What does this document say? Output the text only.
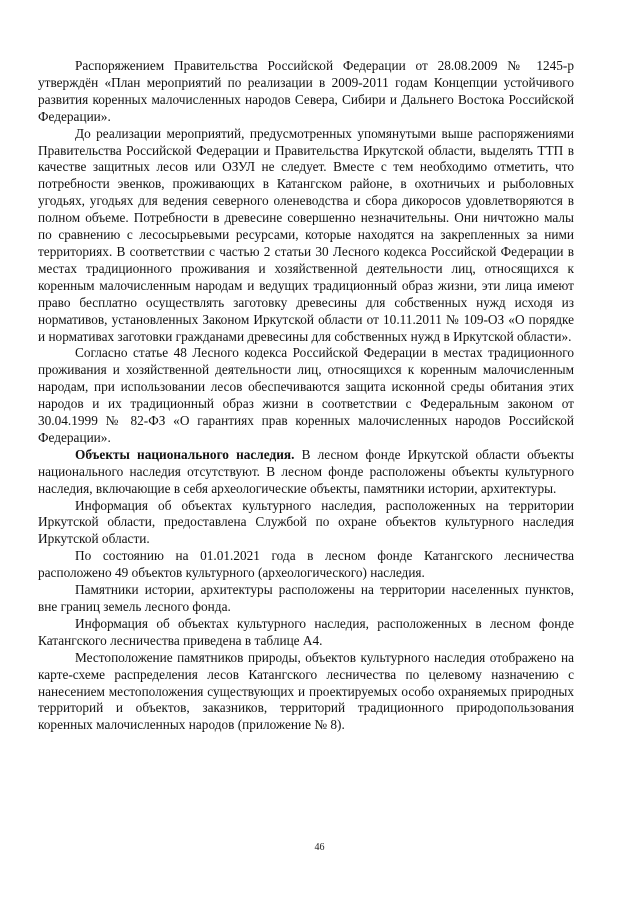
Распоряжением Правительства Российской Федерации от 28.08.2009 № 1245-р утверждён «План мероприятий по реализации в 2009-2011 годам Концепции устойчивого развития коренных малочисленных народов Севера, Сибири и Дальнего Востока Российской Федерации».

До реализации мероприятий, предусмотренных упомянутыми выше распоряжениями Правительства Российской Федерации и Правительства Иркутской области, выделять ТТП в качестве защитных лесов или ОЗУЛ не следует. Вместе с тем необходимо отметить, что потребности эвенков, проживающих в Катангском районе, в охотничьих и рыболовных угодьях, угодьях для ведения северного оленеводства и сбора дикоросов удовлетворяются в полном объеме. Потребности в древесине совершенно незначительны. Они ничтожно малы по сравнению с лесосырьевыми ресурсами, которые находятся на закрепленных за ними территориях. В соответствии с частью 2 статьи 30 Лесного кодекса Российской Федерации в местах традиционного проживания и хозяйственной деятельности лиц, относящихся к коренным малочисленным народам и ведущих традиционный образ жизни, эти лица имеют право бесплатно осуществлять заготовку древесины для собственных нужд исходя из нормативов, установленных Законом Иркутской области от 10.11.2011 № 109-ОЗ «О порядке и нормативах заготовки гражданами древесины для собственных нужд в Иркутской области».

Согласно статье 48 Лесного кодекса Российской Федерации в местах традиционного проживания и хозяйственной деятельности лиц, относящихся к коренным малочисленным народам, при использовании лесов обеспечиваются защита исконной среды обитания этих народов и их традиционный образ жизни в соответствии с Федеральным законом от 30.04.1999 № 82-ФЗ «О гарантиях прав коренных малочисленных народов Российской Федерации».

Объекты национального наследия. В лесном фонде Иркутской области объекты национального наследия отсутствуют. В лесном фонде расположены объекты культурного наследия, включающие в себя археологические объекты, памятники истории, архитектуры.

Информация об объектах культурного наследия, расположенных на территории Иркутской области, предоставлена Службой по охране объектов культурного наследия Иркутской области.

По состоянию на 01.01.2021 года в лесном фонде Катангского лесничества расположено 49 объектов культурного (археологического) наследия.

Памятники истории, архитектуры расположены на территории населенных пунктов, вне границ земель лесного фонда.

Информация об объектах культурного наследия, расположенных в лесном фонде Катангского лесничества приведена в таблице А4.

Местоположение памятников природы, объектов культурного наследия отображено на карте-схеме распределения лесов Катангского лесничества по целевому назначению с нанесением местоположения существующих и проектируемых особо охраняемых природных территорий и объектов, заказников, территорий традиционного природопользования коренных малочисленных народов (приложение № 8).

46
